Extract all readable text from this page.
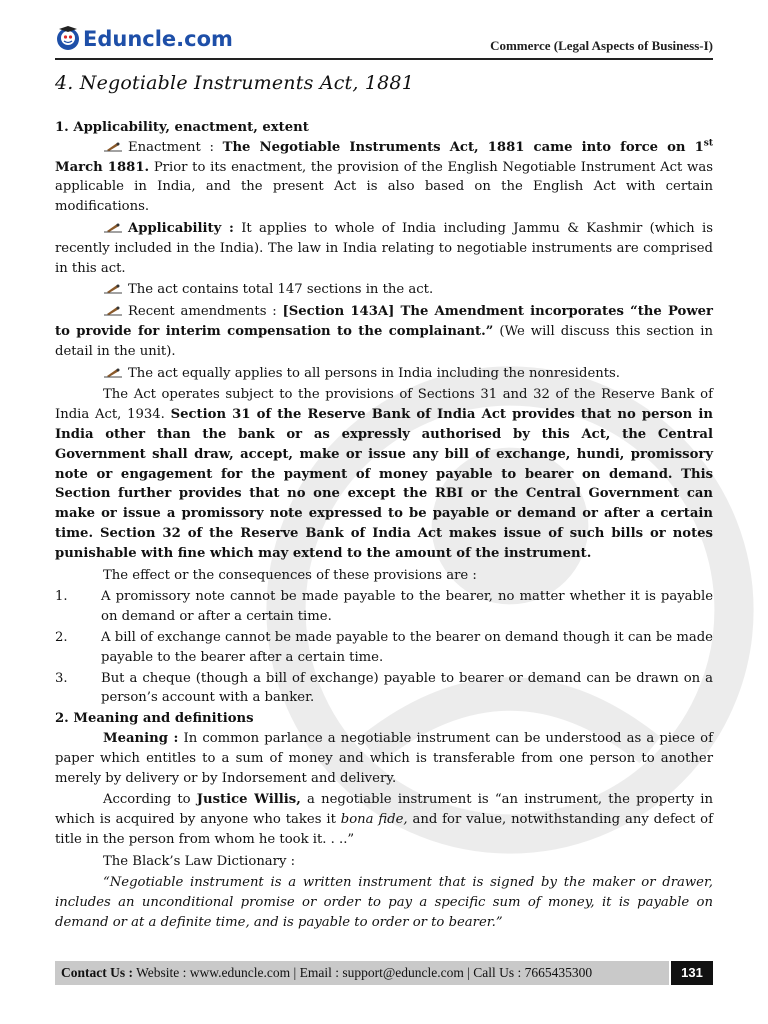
Eduncle.com	Commerce (Legal Aspects of Business-I)
4. Negotiable Instruments Act, 1881

1. Applicability, enactment, extent

Enactment : The Negotiable Instruments Act, 1881 came into force on 1st March 1881. Prior to its enactment, the provision of the English Negotiable Instrument Act was applicable in India, and the present Act is also based on the English Act with certain modifications.

Applicability : It applies to whole of India including Jammu & Kashmir (which is recently included in the India). The law in India relating to negotiable instruments are comprised in this act.

The act contains total 147 sections in the act.

Recent amendments : [Section 143A] The Amendment incorporates “the Power to provide for interim compensation to the complainant.” (We will discuss this section in detail in the unit).

The act equally applies to all persons in India including the nonresidents.

The Act operates subject to the provisions of Sections 31 and 32 of the Reserve Bank of India Act, 1934. Section 31 of the Reserve Bank of India Act provides that no person in India other than the bank or as expressly authorised by this Act, the Central Government shall draw, accept, make or issue any bill of exchange, hundi, promissory note or engagement for the payment of money payable to bearer on demand. This Section further provides that no one except the RBI or the Central Government can make or issue a promissory note expressed to be payable or demand or after a certain time. Section 32 of the Reserve Bank of India Act makes issue of such bills or notes punishable with fine which may extend to the amount of the instrument.

The effect or the consequences of these provisions are :

1.	A promissory note cannot be made payable to the bearer, no matter whether it is payable on demand or after a certain time.
2.	A bill of exchange cannot be made payable to the bearer on demand though it can be made payable to the bearer after a certain time.
3.	But a cheque (though a bill of exchange) payable to bearer or demand can be drawn on a person’s account with a banker.

2. Meaning and definitions

Meaning : In common parlance a negotiable instrument can be understood as a piece of paper which entitles to a sum of money and which is transferable from one person to another merely by delivery or by Indorsement and delivery.

According to Justice Willis, a negotiable instrument is “an instrument, the property in which is acquired by anyone who takes it bona fide, and for value, notwithstanding any defect of title in the person from whom he took it. . ..”

The Black’s Law Dictionary :

“Negotiable instrument is a written instrument that is signed by the maker or drawer, includes an unconditional promise or order to pay a specific sum of money, it is payable on demand or at a definite time, and is payable to order or to bearer.”

Contact Us : Website : www.eduncle.com | Email : support@eduncle.com | Call Us : 7665435300	131
